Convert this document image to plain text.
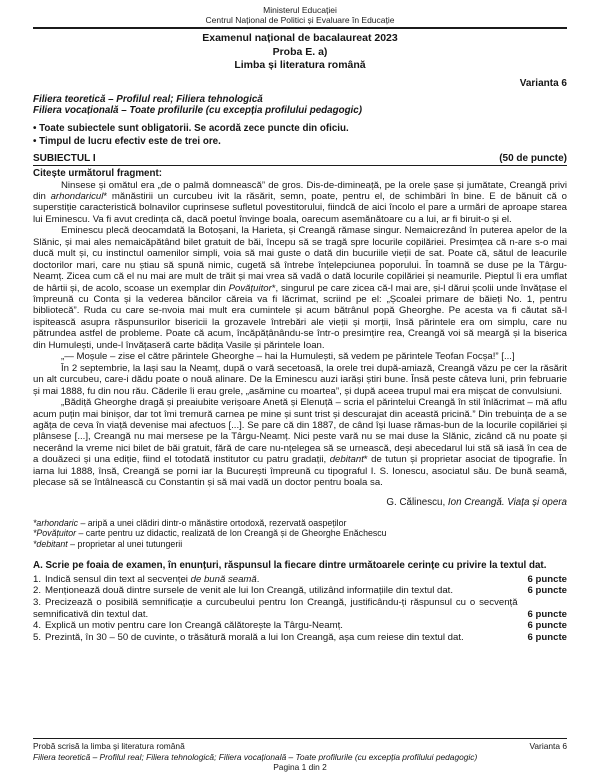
Ministerul Educației
Centrul Național de Politici și Evaluare în Educație
Examenul național de bacalaureat 2023
Proba E. a)
Limba și literatura română
Varianta 6
Filiera teoretică – Profilul real; Filiera tehnologică
Filiera vocațională – Toate profilurile (cu excepția profilului pedagogic)
• Toate subiectele sunt obligatorii. Se acordă zece puncte din oficiu.
• Timpul de lucru efectiv este de trei ore.
SUBIECTUL I	(50 de puncte)
Citește următorul fragment:

Ninsese și omătul era „de o palmă domnească” de gros. Dis-de-dimineață, pe la orele șase și jumătate, Creangă privi din arhondaricul* mănăstirii un curcubeu ivit la răsărit, semn, poate, pentru el, de schimbări în bine. E de bănuit că o superstiție caracteristică bolnavilor cuprinsese sufletul povestitorului, fiindcă de aici încolo el pare a urmări de aproape starea lui Eminescu. Va fi avut credința că, dacă poetul învinge boala, oarecum asemănătoare cu a lui, ar fi biruit-o și el.

Eminescu plecă deocamdată la Botoșani, la Harieta, și Creangă rămase singur. Nemaicrezând în puterea apelor de la Slănic, și mai ales nemaicăpătând bilet gratuit de băi, începu să se tragă spre locurile copilăriei. Presimțea că n-are s-o mai ducă mult și, cu instinctul oamenilor simpli, voia să mai guste o dată din bucuriile vieții de sat. Poate că, sătul de leacurile doctorilor mari, care nu știau să spună nimic, cugetă să întrebe înțelepciunea poporului. În toamnă se duse pe la Târgu-Neamț. Zicea cum că el nu mai are mult de trăit și mai vrea să vadă o dată locurile copilăriei și neamurile. Pieptul îi era umflat de hârtii și, de acolo, scoase un exemplar din Povățuitor*, singurul pe care zicea că-l mai are, și-l dărui școlii unde învățase el împreună cu Conta și la vederea băncilor căreia va fi lăcrimat, scriind pe el: „Școalei primare de băieți No. 1, pentru bibliotecă”. Ruda cu care se-nvoia mai mult era cumintele și acum bătrânul popă Gheorghe. Pe acesta va fi căutat să-l ispitească asupra răspunsurilor bisericii la grozavele întrebări ale vieții și morții, însă părintele era om simplu, care nu pătrundea astfel de probleme. Poate că acum, încăpățânându-se într-o presimțire rea, Creangă voi să meargă și la biserica din Humulești, unde-l învățaseră carte bădița Vasile și părintele Ioan.

„— Moșule – zise el către părintele Gheorghe – hai la Humulești, să vedem pe părintele Teofan Focșa!” [...]

În 2 septembrie, la Iași sau la Neamț, după o vară secetoasă, la orele trei după-amiază, Creangă văzu pe cer la răsărit un alt curcubeu, care-i dădu poate o nouă alinare. De la Eminescu auzi iarăși știri bune. Însă peste câteva luni, prin februarie și mai 1888, fu din nou rău. Căderile îi erau grele, „asămine cu moartea”, și după aceea trupul mai era mișcat de convulsiuni.

„Bădiță Gheorghe dragă și preaiubite verișoare Anetă și Elenuță – scria el părintelui Creangă în stil înlăcrimat – mă aflu acum puțin mai binișor, dar tot îmi tremură carnea pe mine și sunt trist și descurajat din această pricină.” Din trebuința de a se agăța de ceva în viață devenise mai afectuos [...]. Se pare că din 1887, de când își luase rămas-bun de la locurile copilăriei și plânsese [...], Creangă nu mai mersese pe la Târgu-Neamț. Nici peste vară nu se mai duse la Slănic, zicând că nu poate și necerând la vreme nici bilet de băi gratuit, fără de care nu-nțelegea să se urnească, deși abecedarul lui stă să iasă în cea de a douăzeci și una ediție, fiind el totodată institutor cu patru gradații, debitant* de tutun și proprietar asociat de tipografie. În iarna lui 1888, însă, Creangă se porni iar la București împreună cu tipograful I. S. Ionescu, asociatul său. De bună seamă, plecase să se întâlnească cu Constantin și să mai vadă un doctor pentru boala sa.

G. Călinescu, Ion Creangă. Viața și opera
*arhondaric – aripă a unei clădiri dintr-o mănăstire ortodoxă, rezervată oaspeților
*Povățuitor – carte pentru uz didactic, realizată de Ion Creangă și de Gheorghe Enăchescu
*debitant – proprietar al unei tutungerii
A. Scrie pe foaia de examen, în enunțuri, răspunsul la fiecare dintre următoarele cerințe cu privire la textul dat.
1. Indică sensul din text al secvenței de bună seamă.	6 puncte
2. Menționează două dintre sursele de venit ale lui Ion Creangă, utilizând informațiile din textul dat.	6 puncte
3. Precizează o posibilă semnificație a curcubeului pentru Ion Creangă, justificându-ți răspunsul cu o secvență semnificativă din textul dat.	6 puncte
4. Explică un motiv pentru care Ion Creangă călătorește la Târgu-Neamț.	6 puncte
5. Prezintă, în 30 – 50 de cuvinte, o trăsătură morală a lui Ion Creangă, așa cum reiese din textul dat.	6 puncte
Probă scrisă la limba și literatura română	Varianta 6
Filiera teoretică – Profilul real; Filiera tehnologică; Filiera vocațională – Toate profilurile (cu excepția profilului pedagogic)
Pagina 1 din 2
